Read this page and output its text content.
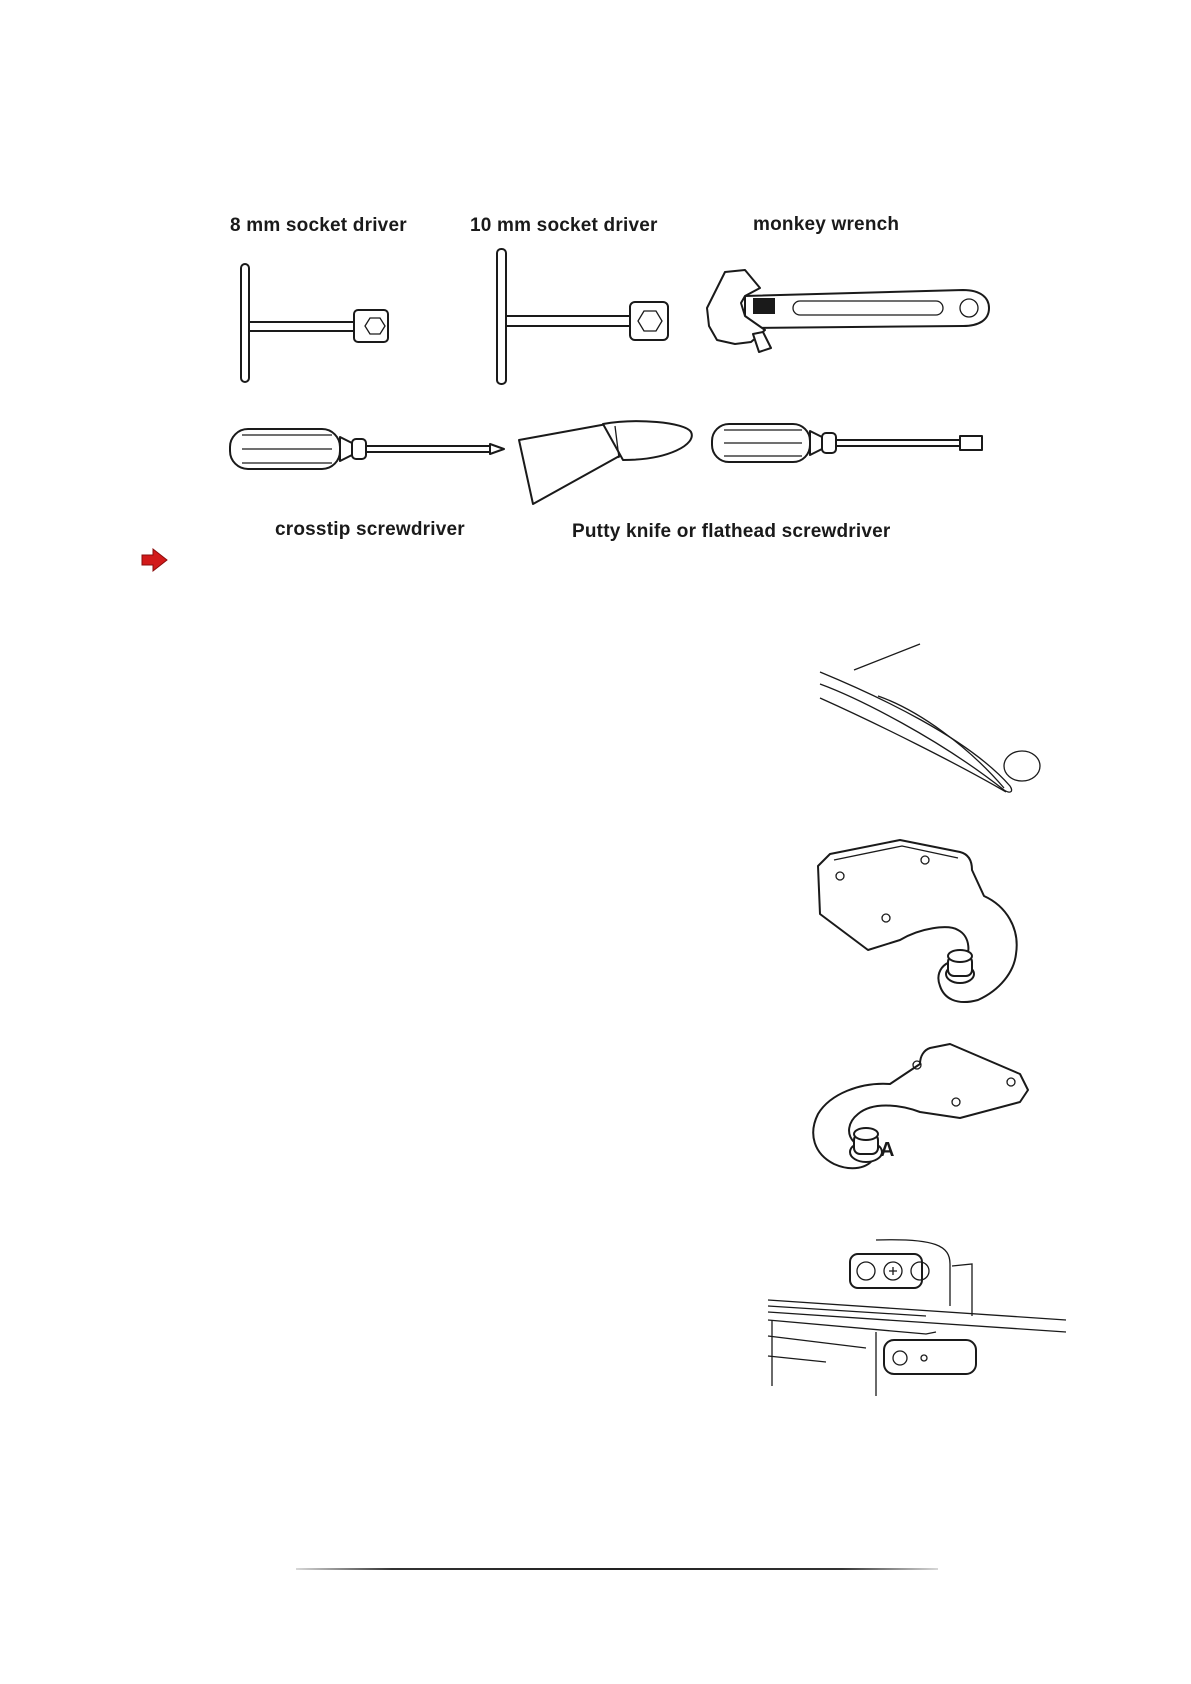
8 mm socket driver	10 mm socket driver	monkey wrench
crosstip screwdriver	Putty knife or flathead screwdriver
A
